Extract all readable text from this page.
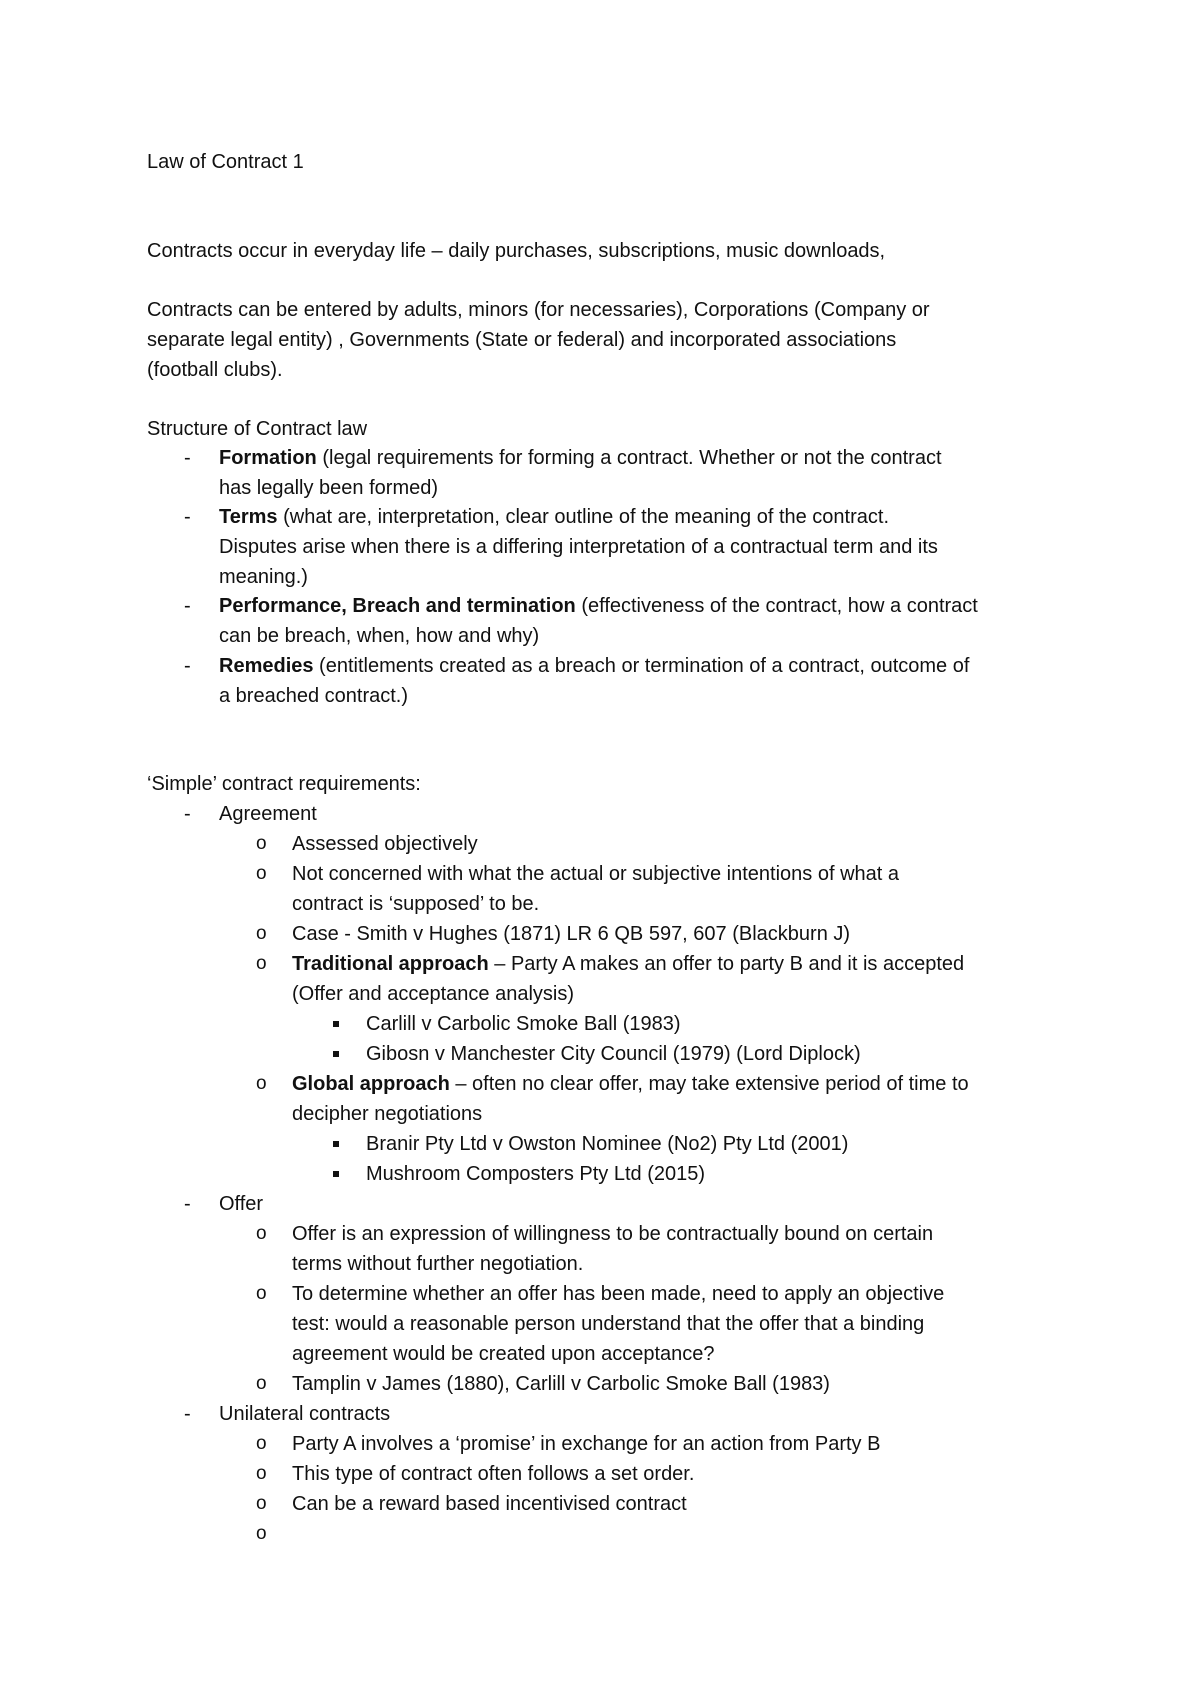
Law of Contract 1
Contracts occur in everyday life – daily purchases, subscriptions, music downloads,
Contracts can be entered by adults, minors (for necessaries), Corporations (Company or
separate legal entity) , Governments (State or federal) and incorporated associations
(football clubs).
Structure of Contract law
- Formation (legal requirements for forming a contract. Whether or not the contract
has legally been formed)
- Terms (what are, interpretation, clear outline of the meaning of the contract.
Disputes arise when there is a differing interpretation of a contractual term and its
meaning.)
- Performance, Breach and termination (effectiveness of the contract, how a contract
can be breach, when, how and why)
- Remedies (entitlements created as a breach or termination of a contract, outcome of
a breached contract.)
‘Simple’ contract requirements:
- Agreement
o Assessed objectively
o Not concerned with what the actual or subjective intentions of what a
contract is ‘supposed’ to be.
o Case - Smith v Hughes (1871) LR 6 QB 597, 607 (Blackburn J)
o Traditional approach – Party A makes an offer to party B and it is accepted
(Offer and acceptance analysis)
Carlill v Carbolic Smoke Ball (1983)
Gibosn v Manchester City Council (1979) (Lord Diplock)
o Global approach – often no clear offer, may take extensive period of time to
decipher negotiations
Branir Pty Ltd v Owston Nominee (No2) Pty Ltd (2001)
Mushroom Composters Pty Ltd (2015)
- Offer
o Offer is an expression of willingness to be contractually bound on certain
terms without further negotiation.
o To determine whether an offer has been made, need to apply an objective
test: would a reasonable person understand that the offer that a binding
agreement would be created upon acceptance?
o Tamplin v James (1880), Carlill v Carbolic Smoke Ball (1983)
- Unilateral contracts
o Party A involves a ‘promise’ in exchange for an action from Party B
o This type of contract often follows a set order.
o Can be a reward based incentivised contract
o
